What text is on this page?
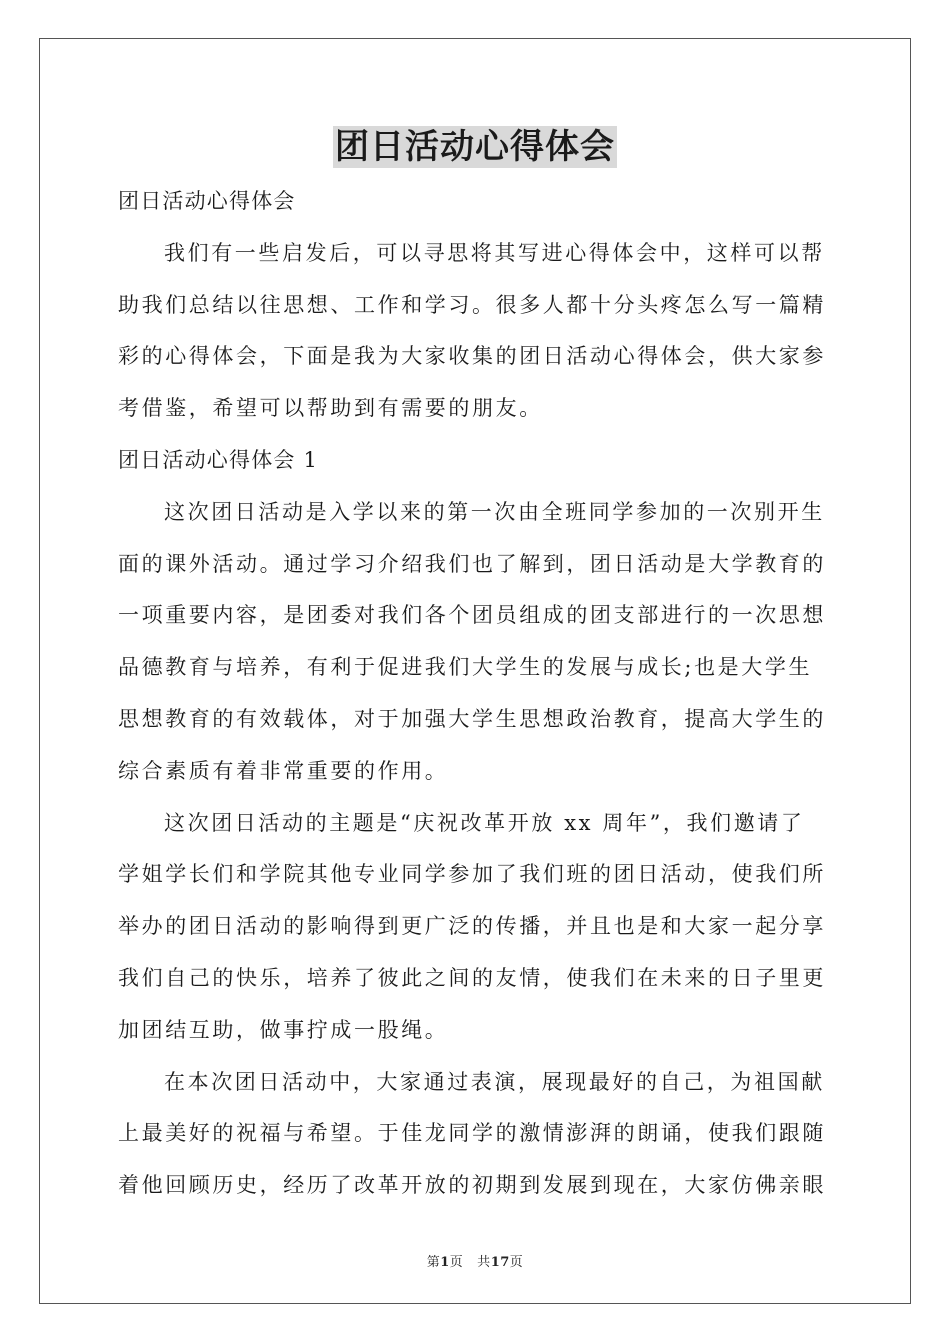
团日活动心得体会

团日活动心得体会

我们有一些启发后，可以寻思将其写进心得体会中，这样可以帮

助我们总结以往思想、工作和学习。很多人都十分头疼怎么写一篇精

彩的心得体会，下面是我为大家收集的团日活动心得体会，供大家参

考借鉴，希望可以帮助到有需要的朋友。

团日活动心得体会 1

这次团日活动是入学以来的第一次由全班同学参加的一次别开生

面的课外活动。通过学习介绍我们也了解到，团日活动是大学教育的

一项重要内容，是团委对我们各个团员组成的团支部进行的一次思想

品德教育与培养，有利于促进我们大学生的发展与成长;也是大学生

思想教育的有效载体，对于加强大学生思想政治教育，提高大学生的

综合素质有着非常重要的作用。

这次团日活动的主题是“庆祝改革开放 xx 周年”，我们邀请了

学姐学长们和学院其他专业同学参加了我们班的团日活动，使我们所

举办的团日活动的影响得到更广泛的传播，并且也是和大家一起分享

我们自己的快乐，培养了彼此之间的友情，使我们在未来的日子里更

加团结互助，做事拧成一股绳。

在本次团日活动中，大家通过表演，展现最好的自己，为祖国献

上最美好的祝福与希望。于佳龙同学的激情澎湃的朗诵，使我们跟随

着他回顾历史，经历了改革开放的初期到发展到现在，大家仿佛亲眼

第1页 共17页
